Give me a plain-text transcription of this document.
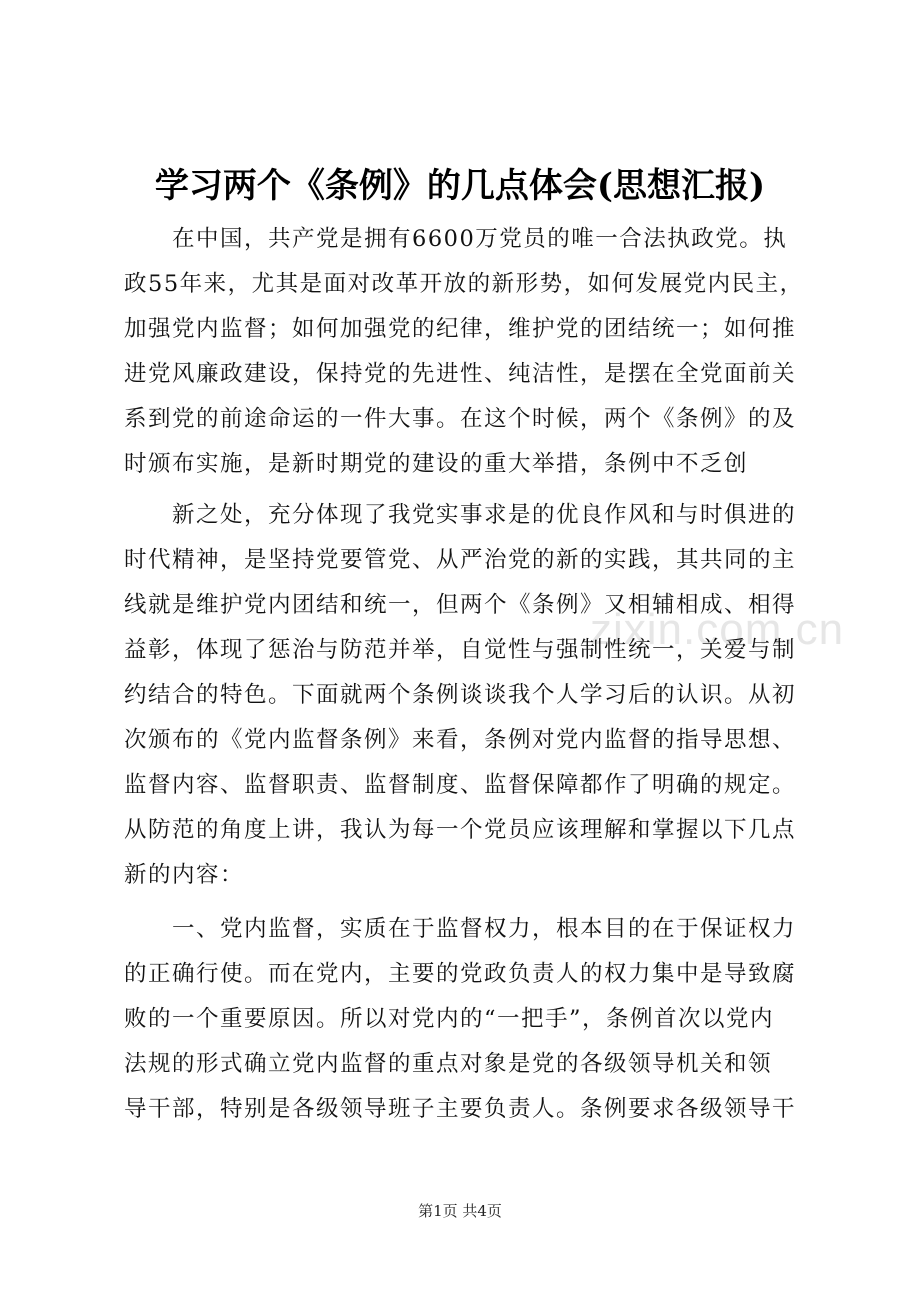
学习两个《条例》的几点体会(思想汇报)
zixin.com.cn
在中国，共产党是拥有6600万党员的唯一合法执政党。执
政55年来，尤其是面对改革开放的新形势，如何发展党内民主，
加强党内监督；如何加强党的纪律，维护党的团结统一；如何推
进党风廉政建设，保持党的先进性、纯洁性，是摆在全党面前关
系到党的前途命运的一件大事。在这个时候，两个《条例》的及
时颁布实施，是新时期党的建设的重大举措，条例中不乏创
新之处，充分体现了我党实事求是的优良作风和与时俱进的
时代精神，是坚持党要管党、从严治党的新的实践，其共同的主
线就是维护党内团结和统一，但两个《条例》又相辅相成、相得
益彰，体现了惩治与防范并举，自觉性与强制性统一，关爱与制
约结合的特色。下面就两个条例谈谈我个人学习后的认识。从初
次颁布的《党内监督条例》来看，条例对党内监督的指导思想、
监督内容、监督职责、监督制度、监督保障都作了明确的规定。
从防范的角度上讲，我认为每一个党员应该理解和掌握以下几点
新的内容：
一、党内监督，实质在于监督权力，根本目的在于保证权力
的正确行使。而在党内，主要的党政负责人的权力集中是导致腐
败的一个重要原因。所以对党内的“一把手”，条例首次以党内
法规的形式确立党内监督的重点对象是党的各级领导机关和领
导干部，特别是各级领导班子主要负责人。条例要求各级领导干
第1页 共4页
